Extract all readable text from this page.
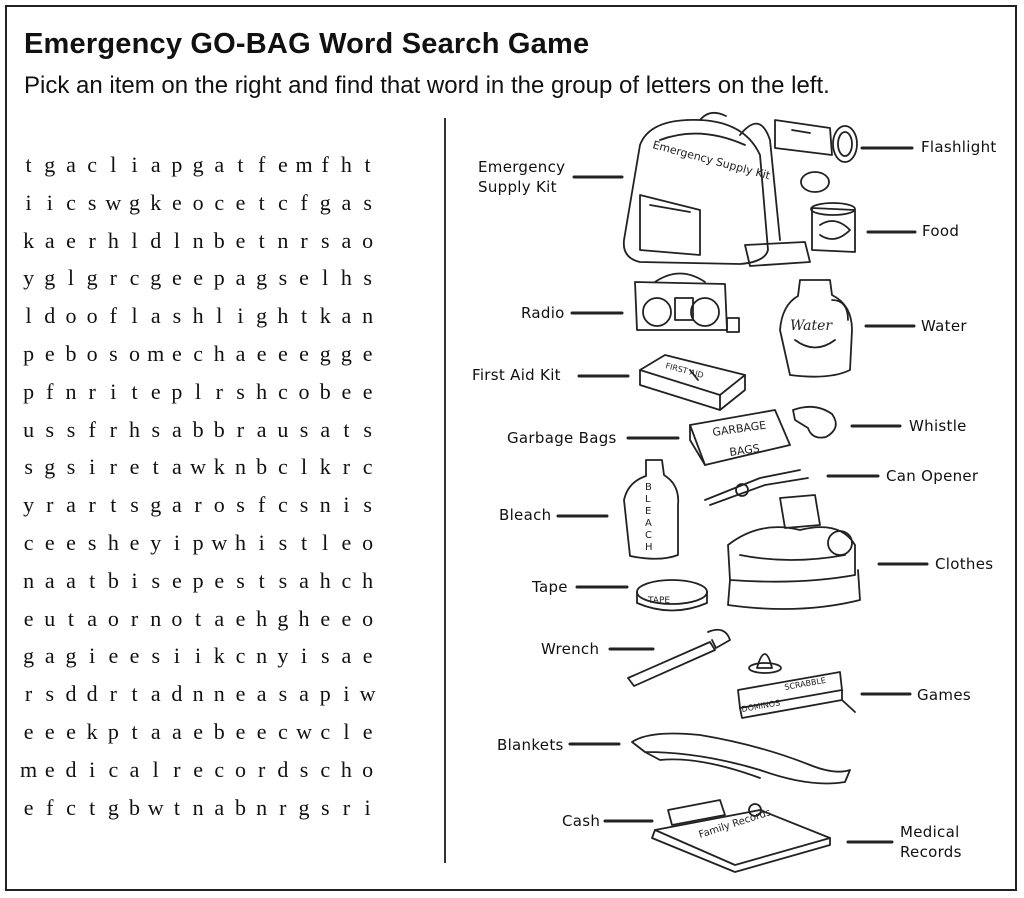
Emergency GO-BAG Word Search Game
Pick an item on the right and find that word in the group of letters on the left.
t g a c l i a p g a t f e m f h t
i i c s w g k e o c e t c f g a s
k a e r h l d l n b e t n r s a o
y g l g r c g e e p a g s e l h s
l d o o f l a s h l i g h t k a n
p e b o s o m e c h a e e e g g e
p f n r i t e p l r s h c o b e e
u s s f r h s a b b r a u s a t s
s g s i r e t a w k n b c l k r c
y r a r t s g a r o s f c s n i s
c e e s h e y i p w h i s t l e o
n a a t b i s e p e s t s a h c h
e u t a o r n o t a e h g h e e o
g a g i e e s i i k c n y i s a e
r s d d r t a d n n e a s a p i w
e e e k p t a a e b e e c w c l e
m e d i c a l r e c o r d s c h o
e f c t g b w t n a b n r g s r i
Emergency Supply Kit
Water
FIRST AID
GARBAGE
BAGS
B
L
E
A
C
H
TAPE
SCRABBLE
DOMINOS
Family Records
Emergency
Supply Kit
Flashlight
Food
Radio
Water
First Aid Kit
Whistle
Garbage Bags
Can Opener
Bleach
Clothes
Tape
Wrench
Games
Blankets
Cash
Medical
Records
